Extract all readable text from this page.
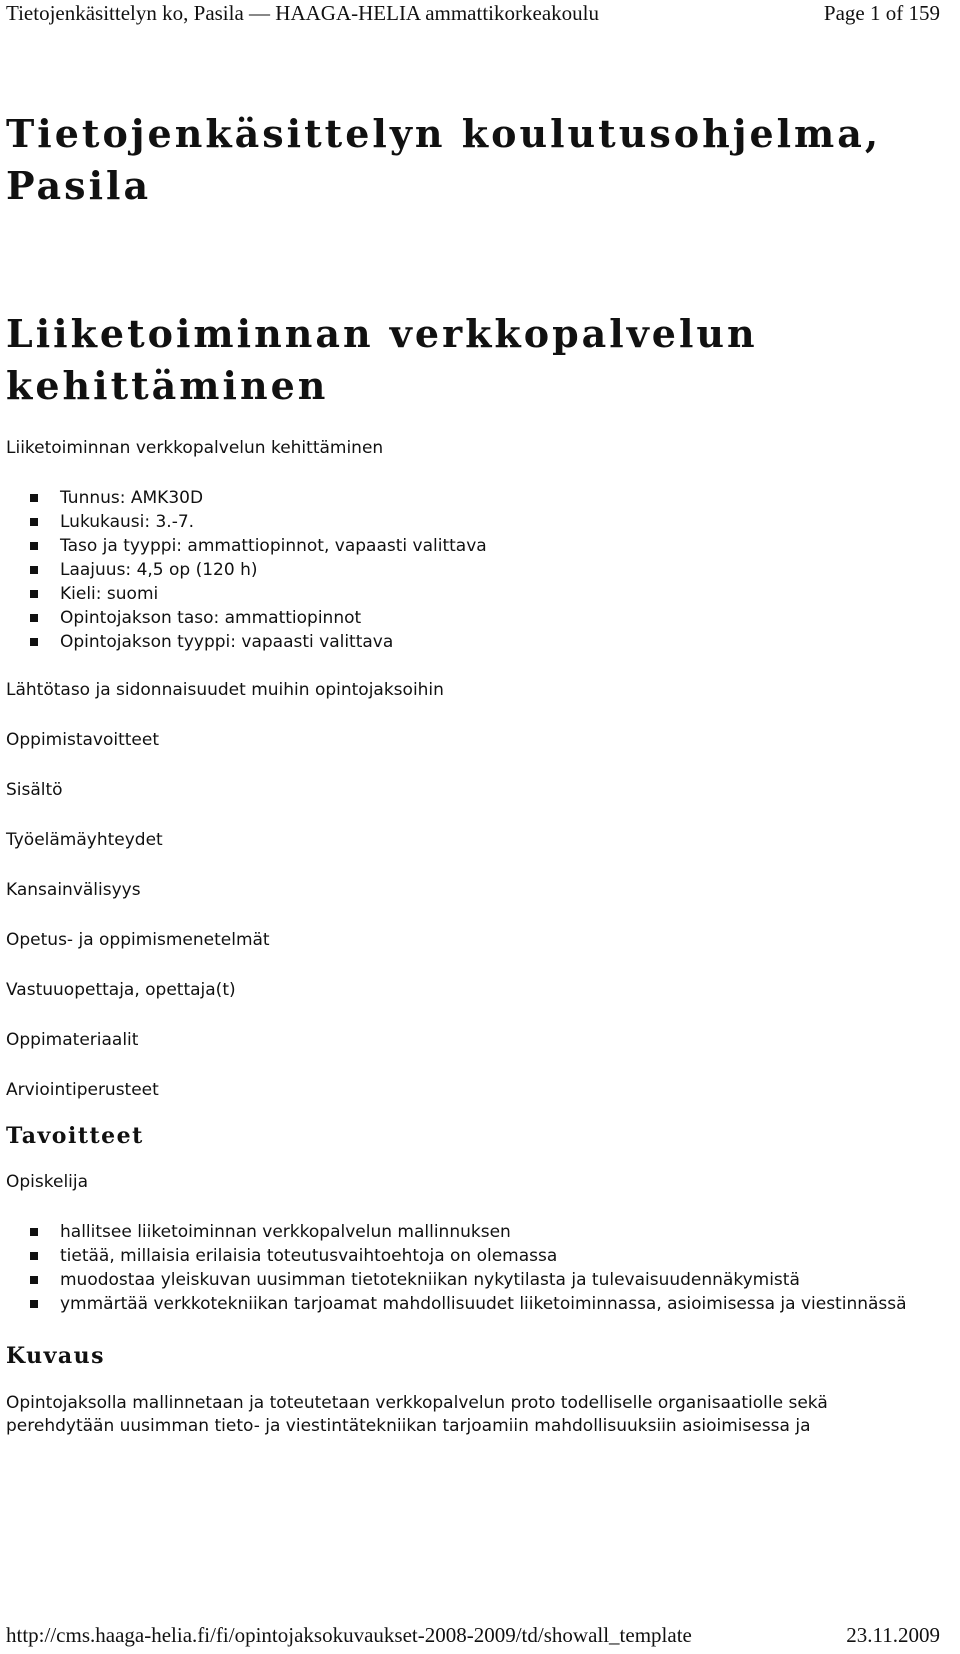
Tietojenkäsittelyn ko, Pasila — HAAGA-HELIA ammattikorkeakoulu	Page 1 of 159
Tietojenkäsittelyn koulutusohjelma,
Pasila
Liiketoiminnan verkkopalvelun
kehittäminen

Liiketoiminnan verkkopalvelun kehittäminen

Tunnus: AMK30D
Lukukausi: 3.-7.
Taso ja tyyppi: ammattiopinnot, vapaasti valittava
Laajuus: 4,5 op (120 h)
Kieli: suomi
Opintojakson taso: ammattiopinnot
Opintojakson tyyppi: vapaasti valittava

Lähtötaso ja sidonnaisuudet muihin opintojaksoihin

Oppimistavoitteet

Sisältö

Työelämäyhteydet

Kansainvälisyys

Opetus- ja oppimismenetelmät

Vastuuopettaja, opettaja(t)

Oppimateriaalit

Arviointiperusteet

Tavoitteet

Opiskelija

hallitsee liiketoiminnan verkkopalvelun mallinnuksen
tietää, millaisia erilaisia toteutusvaihtoehtoja on olemassa
muodostaa yleiskuvan uusimman tietotekniikan nykytilasta ja tulevaisuudennäkymistä
ymmärtää verkkotekniikan tarjoamat mahdollisuudet liiketoiminnassa, asioimisessa ja viestinnässä
Kuvaus

Opintojaksolla mallinnetaan ja toteutetaan verkkopalvelun proto todelliselle organisaatiolle sekä perehdytään uusimman tieto- ja viestintätekniikan tarjoamiin mahdollisuuksiin asioimisessa ja

http://cms.haaga-helia.fi/fi/opintojaksokuvaukset-2008-2009/td/showall_template	23.11.2009
